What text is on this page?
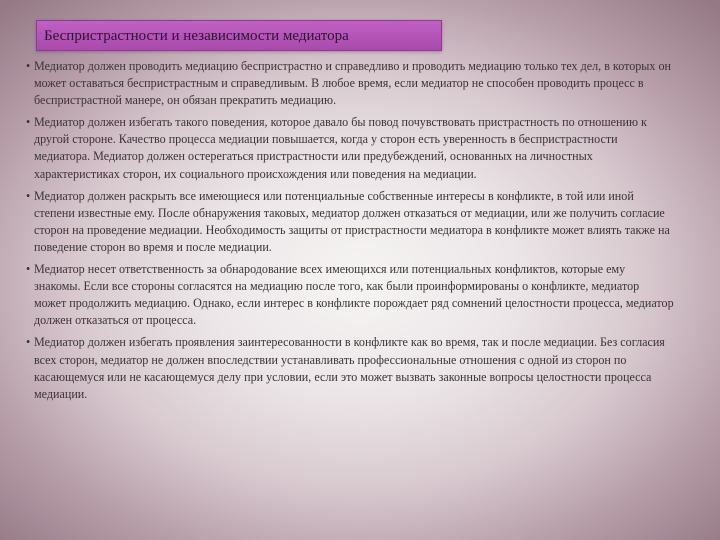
Беспристрастности и независимости медиатора
• Медиатор должен проводить медиацию беспристрастно и справедливо и проводить медиацию только тех дел, в которых он может оставаться беспристрастным и справедливым. В любое время, если медиатор не способен проводить процесс в беспристрастной манере, он обязан прекратить медиацию.
• Медиатор должен избегать такого поведения, которое давало бы повод почувствовать пристрастность по отношению к другой стороне. Качество процесса медиации повышается, когда у сторон есть уверенность в беспристрастности медиатора. Медиатор должен остерегаться пристрастности или предубеждений, основанных на личностных характеристиках сторон, их социального происхождения или поведения на медиации.
• Медиатор должен раскрыть все имеющиеся или потенциальные собственные интересы в конфликте, в той или иной степени известные ему. После обнаружения таковых, медиатор должен отказаться от медиации, или же получить согласие сторон на проведение медиации. Необходимость защиты от пристрастности медиатора в конфликте может влиять также на поведение сторон во время и после медиации.
• Медиатор несет ответственность за обнародование всех имеющихся или потенциальных конфликтов, которые ему знакомы. Если все стороны согласятся на медиацию после того, как были проинформированы о конфликте, медиатор может продолжить медиацию. Однако, если интерес в конфликте порождает ряд сомнений целостности процесса, медиатор должен отказаться от процесса.
• Медиатор должен избегать проявления заинтересованности в конфликте как во время, так и после медиации. Без согласия всех сторон, медиатор не должен впоследствии устанавливать профессиональные отношения с одной из сторон по касающемуся или не касающемуся делу при условии, если это может вызвать законные вопросы целостности процесса медиации.
